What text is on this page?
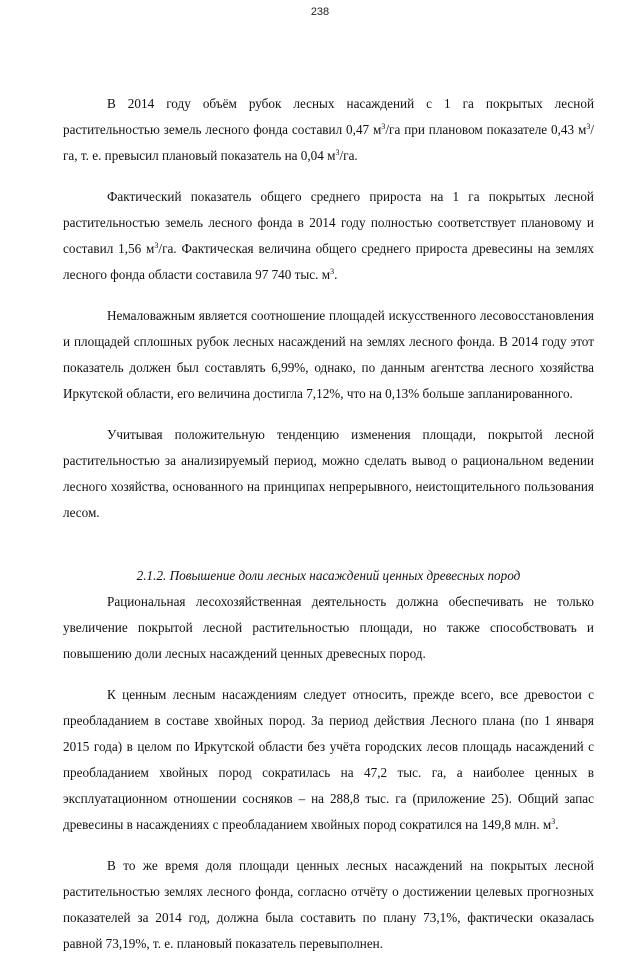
238

В 2014 году объём рубок лесных насаждений с 1 га покрытых лесной растительностью земель лесного фонда составил 0,47 $м^3/га$ при плановом показателе 0,43 $м^3/га$, т. е. превысил плановый показатель на 0,04 $м^3/га$.

Фактический показатель общего среднего прироста на 1 га покрытых лесной растительностью земель лесного фонда в 2014 году полностью соответствует плановому и составил 1,56 $м^3/га$. Фактическая величина общего среднего прироста древесины на землях лесного фонда области составила 97 740 тыс. $м^3$.

Немаловажным является соотношение площадей искусственного лесовосстановления и площадей сплошных рубок лесных насаждений на землях лесного фонда. В 2014 году этот показатель должен был составлять 6,99%, однако, по данным агентства лесного хозяйства Иркутской области, его величина достигла 7,12%, что на 0,13% больше запланированного.

Учитывая положительную тенденцию изменения площади, покрытой лесной растительностью за анализируемый период, можно сделать вывод о рациональном ведении лесного хозяйства, основанного на принципах непрерывного, неистощительного пользования лесом.

2.1.2. Повышение доли лесных насаждений ценных древесных пород

Рациональная лесохозяйственная деятельность должна обеспечивать не только увеличение покрытой лесной растительностью площади, но также способствовать и повышению доли лесных насаждений ценных древесных пород.

К ценным лесным насаждениям следует относить, прежде всего, все древостои с преобладанием в составе хвойных пород. За период действия Лесного плана (по 1 января 2015 года) в целом по Иркутской области без учёта городских лесов площадь насаждений с преобладанием хвойных пород сократилась на 47,2 тыс. га, а наиболее ценных в эксплуатационном отношении сосняков – на 288,8 тыс. га (приложение 25). Общий запас древесины в насаждениях с преобладанием хвойных пород сократился на 149,8 млн. $м^3$.

В то же время доля площади ценных лесных насаждений на покрытых лесной растительностью землях лесного фонда, согласно отчёту о достижении целевых прогнозных показателей за 2014 год, должна была составить по плану 73,1%, фактически оказалась равной 73,19%, т. е. плановый показатель перевыполнен.
